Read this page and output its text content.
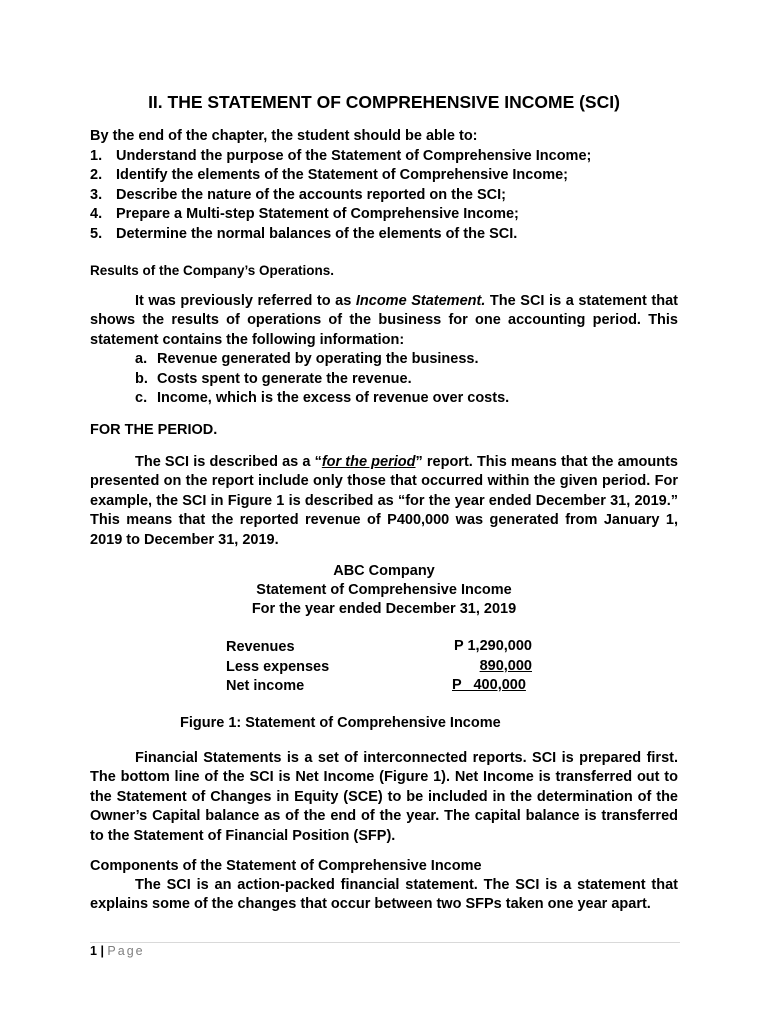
II. THE STATEMENT OF COMPREHENSIVE INCOME (SCI)
By the end of the chapter, the student should be able to:
1. Understand the purpose of the Statement of Comprehensive Income;
2. Identify the elements of the Statement of Comprehensive Income;
3. Describe the nature of the accounts reported on the SCI;
4. Prepare a Multi-step Statement of Comprehensive Income;
5. Determine the normal balances of the elements of the SCI.
Results of the Company’s Operations.
It was previously referred to as Income Statement. The SCI is a statement that shows the results of operations of the business for one accounting period. This statement contains the following information:
a. Revenue generated by operating the business.
b. Costs spent to generate the revenue.
c. Income, which is the excess of revenue over costs.
FOR THE PERIOD.
The SCI is described as a “for the period” report. This means that the amounts presented on the report include only those that occurred within the given period. For example, the SCI in Figure 1 is described as “for the year ended December 31, 2019.” This means that the reported revenue of P400,000 was generated from January 1, 2019 to December 31, 2019.
ABC Company
Statement of Comprehensive Income
For the year ended December 31, 2019
Revenues	P 1,290,000
Less expenses	890,000
Net income	P   400,000
Figure 1: Statement of Comprehensive Income
Financial Statements is a set of interconnected reports. SCI is prepared first. The bottom line of the SCI is Net Income (Figure 1). Net Income is transferred out to the Statement of Changes in Equity (SCE) to be included in the determination of the Owner’s Capital balance as of the end of the year. The capital balance is transferred to the Statement of Financial Position (SFP).
Components of the Statement of Comprehensive Income
The SCI is an action-packed financial statement. The SCI is a statement that explains some of the changes that occur between two SFPs taken one year apart.
1 | Page
